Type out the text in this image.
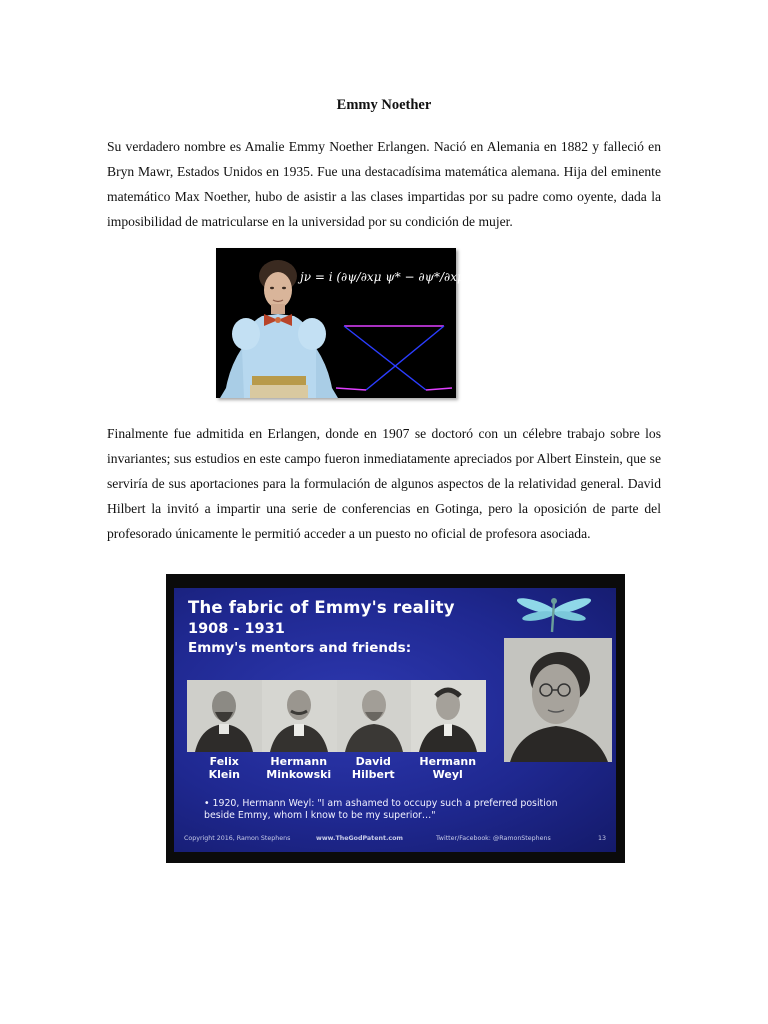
Emmy Noether

Su verdadero nombre es Amalie Emmy Noether Erlangen. Nació en Alemania en 1882 y falleció en Bryn Mawr, Estados Unidos en 1935. Fue una destacadísima matemática alemana. Hija del eminente matemático Max Noether, hubo de asistir a las clases impartidas por su padre como oyente, dada la imposibilidad de matricularse en la universidad por su condición de mujer.

jν = i (∂ψ/∂xμ ψ* − ∂ψ*/∂xμ ψ) ημν

Finalmente fue admitida en Erlangen, donde en 1907 se doctoró con un célebre trabajo sobre los invariantes; sus estudios en este campo fueron inmediatamente apreciados por Albert Einstein, que se serviría de sus aportaciones para la formulación de algunos aspectos de la relatividad general. David Hilbert la invitó a impartir una serie de conferencias en Gotinga, pero la oposición de parte del profesorado únicamente le permitió acceder a un puesto no oficial de profesora asociada.

The fabric of Emmy's reality
1908 - 1931
Emmy's mentors and friends:
Felix
Klein
Hermann
Minkowski
David
Hilbert
Hermann
Weyl
• 1920, Hermann Weyl: "I am ashamed to occupy such a preferred position beside Emmy, whom I know to be my superior…"
Copyright 2016, Ramon Stephens	www.TheGodPatent.com	Twitter/Facebook: @RamonStephens	13
